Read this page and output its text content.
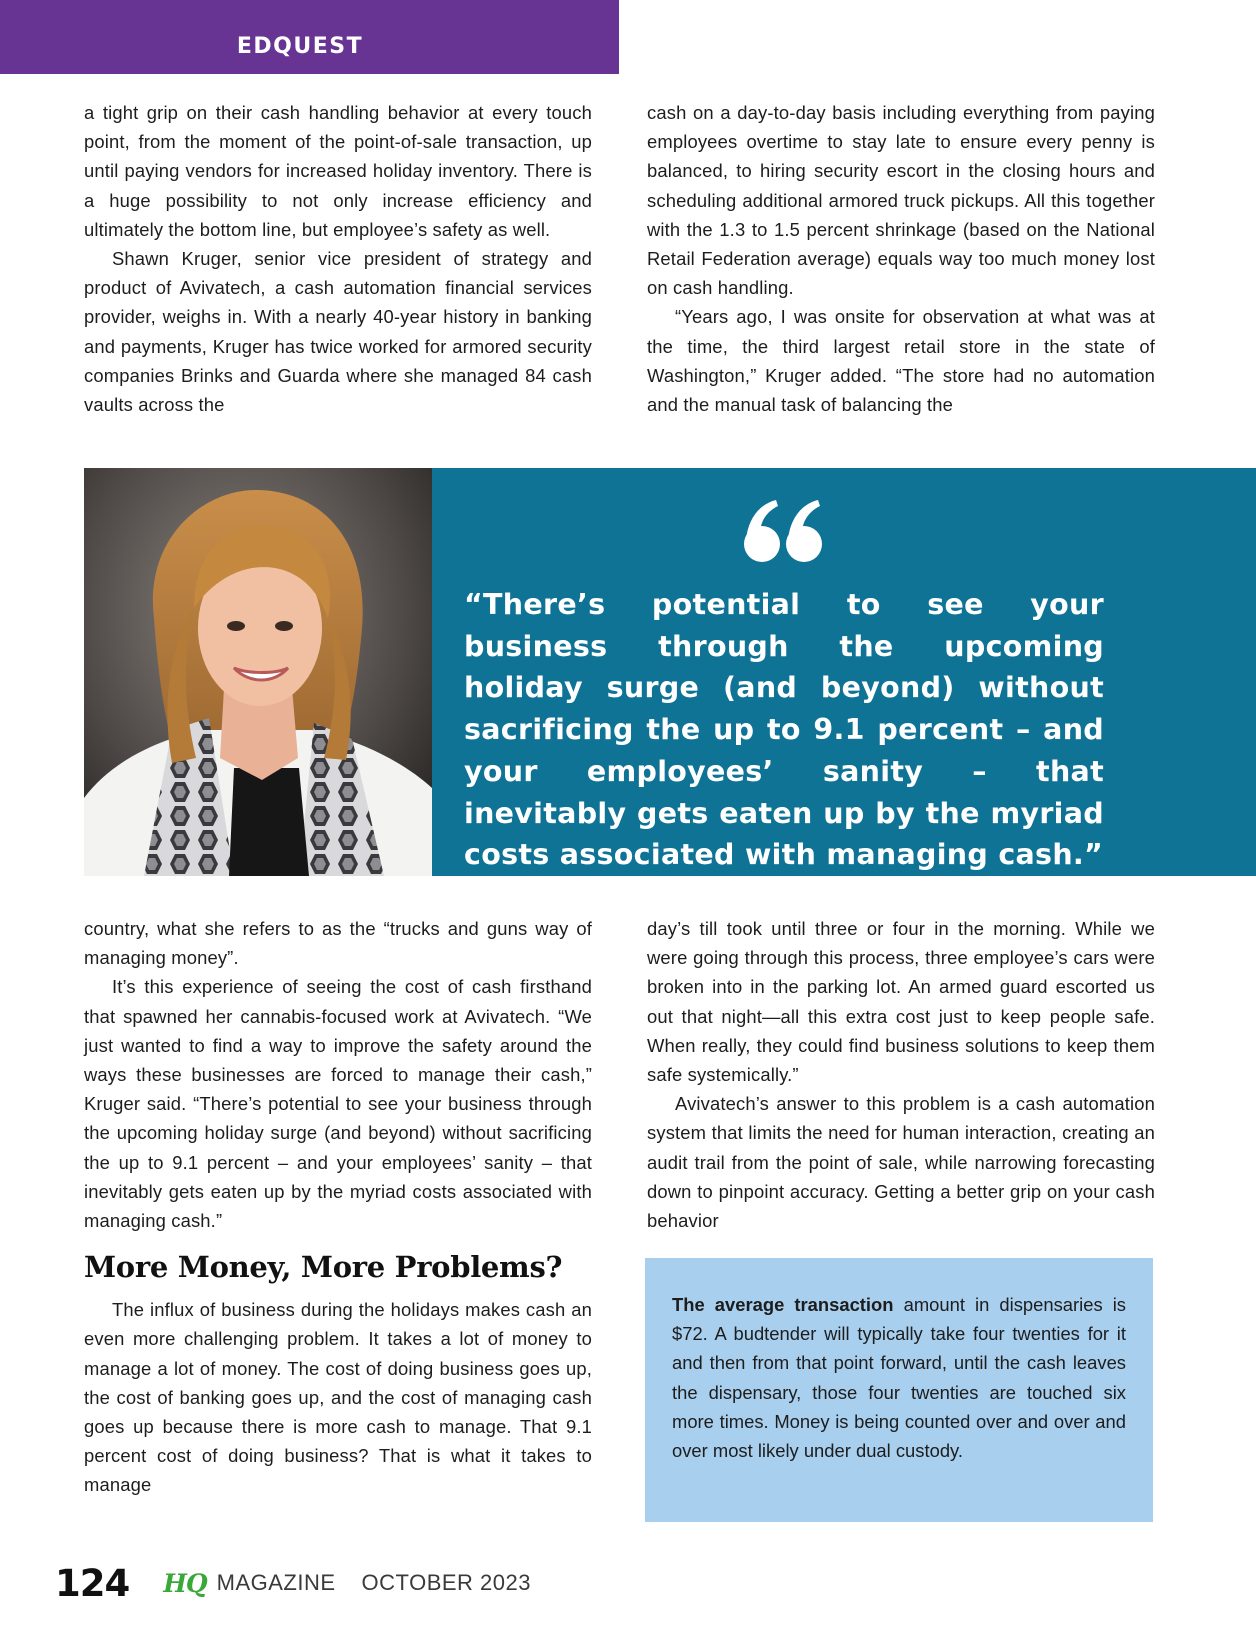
EDQUEST

a tight grip on their cash handling behavior at every touch point, from the moment of the point-of-sale transaction, up until paying vendors for increased holiday inventory. There is a huge possibility to not only increase efficiency and ultimately the bottom line, but employee’s safety as well.

Shawn Kruger, senior vice president of strategy and product of Avivatech, a cash automation financial services provider, weighs in. With a nearly 40-year history in banking and payments, Kruger has twice worked for armored security companies Brinks and Guarda where she managed 84 cash vaults across the

cash on a day-to-day basis including everything from paying employees overtime to stay late to ensure every penny is balanced, to hiring security escort in the closing hours and scheduling additional armored truck pickups. All this together with the 1.3 to 1.5 percent shrinkage (based on the National Retail Federation average) equals way too much money lost on cash handling.

“Years ago, I was onsite for observation at what was at the time, the third largest retail store in the state of Washington,” Kruger added. “The store had no automation and the manual task of balancing the

“There’s potential to see your business through the upcoming holiday surge (and beyond) without sacrificing the up to 9.1 percent – and your employees’ sanity – that inevitably gets eaten up by the myriad costs associated with managing cash.”

country, what she refers to as the “trucks and guns way of managing money”.

It’s this experience of seeing the cost of cash firsthand that spawned her cannabis-focused work at Avivatech. “We just wanted to find a way to improve the safety around the ways these businesses are forced to manage their cash,” Kruger said. “There’s potential to see your business through the upcoming holiday surge (and beyond) without sacrificing the up to 9.1 percent – and your employees’ sanity – that inevitably gets eaten up by the myriad costs associated with managing cash.”

More Money, More Problems?

The influx of business during the holidays makes cash an even more challenging problem. It takes a lot of money to manage a lot of money. The cost of doing business goes up, the cost of banking goes up, and the cost of managing cash goes up because there is more cash to manage. That 9.1 percent cost of doing business? That is what it takes to manage

day’s till took until three or four in the morning. While we were going through this process, three employee’s cars were broken into in the parking lot. An armed guard escorted us out that night—all this extra cost just to keep people safe. When really, they could find business solutions to keep them safe systemically.”

Avivatech’s answer to this problem is a cash automation system that limits the need for human interaction, creating an audit trail from the point of sale, while narrowing forecasting down to pinpoint accuracy. Getting a better grip on your cash behavior

The average transaction amount in dispensaries is $72. A budtender will typically take four twenties for it and then from that point forward, until the cash leaves the dispensary, those four twenties are touched six more times. Money is being counted over and over and over most likely under dual custody.
124 HQ MAGAZINE OCTOBER 2023
